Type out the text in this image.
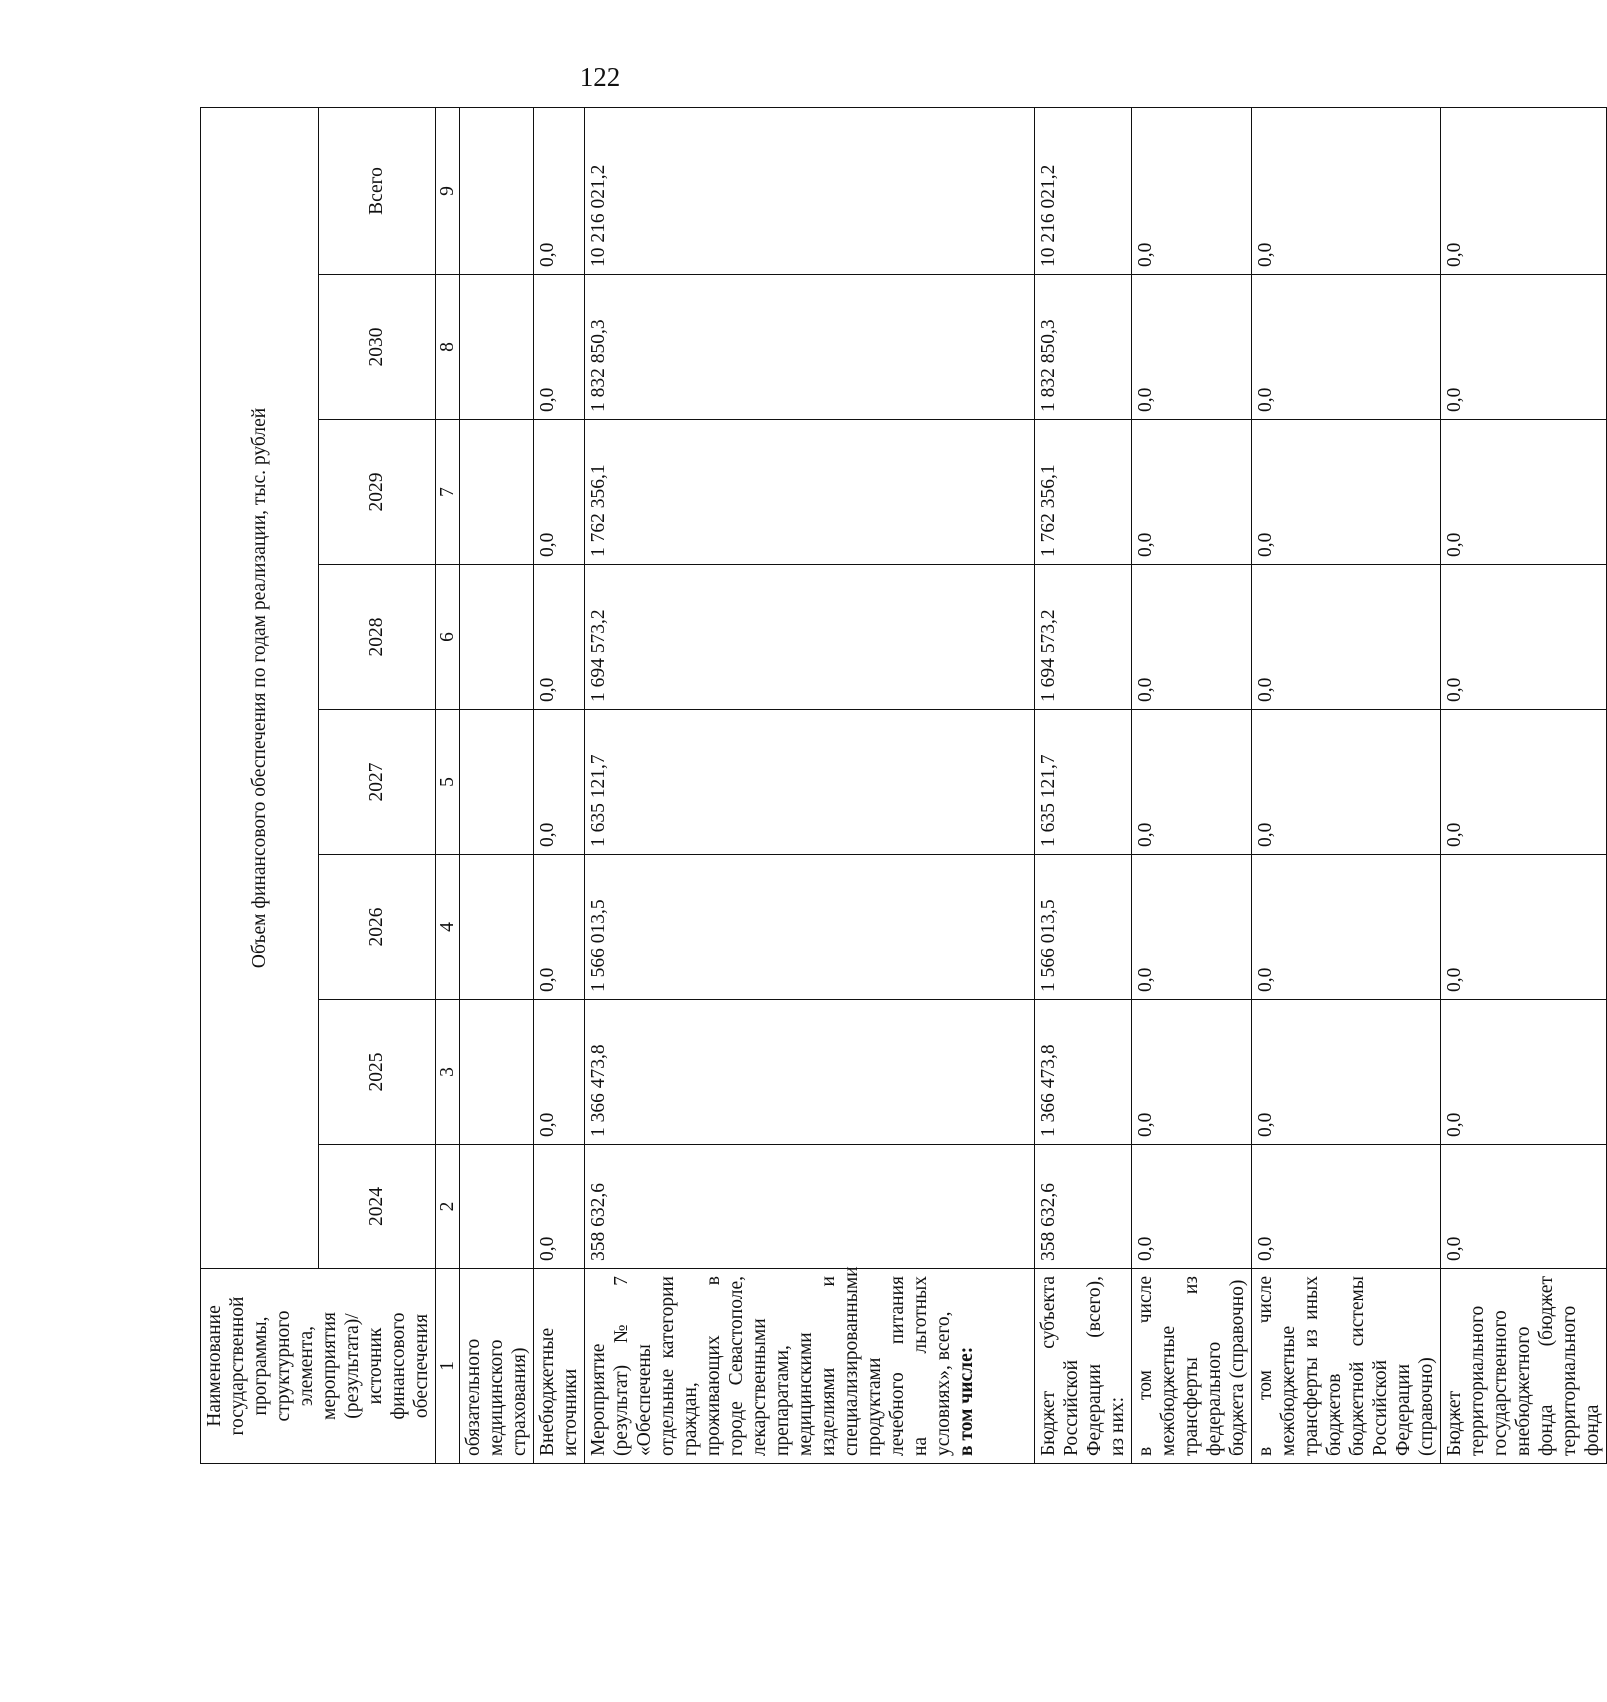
122
Наименование государственной программы, структурного элемента, мероприятия (результата)/источник финансового обеспечения	Объем финансового обеспечения по годам реализации, тыс. рублей							
	2024	2025	2026	2027	2028	2029	2030	Всего
1	2	3	4	5	6	7	8	9
обязательного медицинского страхования)								
Внебюджетные источники	0,0	0,0	0,0	0,0	0,0	0,0	0,0	0,0
Мероприятие (результат) № 7 «Обеспечены отдельные категории граждан, проживающих в городе Севастополе, лекарственными препаратами, медицинскими изделиями и специализированными продуктами лечебного питания на льготных условиях», всего, в том числе:	358 632,6	1 366 473,8	1 566 013,5	1 635 121,7	1 694 573,2	1 762 356,1	1 832 850,3	10 216 021,2
Бюджет субъекта Российской Федерации (всего), из них:	358 632,6	1 366 473,8	1 566 013,5	1 635 121,7	1 694 573,2	1 762 356,1	1 832 850,3	10 216 021,2
в том числе межбюджетные трансферты из федерального бюджета (справочно)	0,0	0,0	0,0	0,0	0,0	0,0	0,0	0,0
в том числе межбюджетные трансферты из иных бюджетов бюджетной системы Российской Федерации (справочно)	0,0	0,0	0,0	0,0	0,0	0,0	0,0	0,0
Бюджет территориального государственного внебюджетного фонда (бюджет территориального фонда	0,0	0,0	0,0	0,0	0,0	0,0	0,0	0,0
